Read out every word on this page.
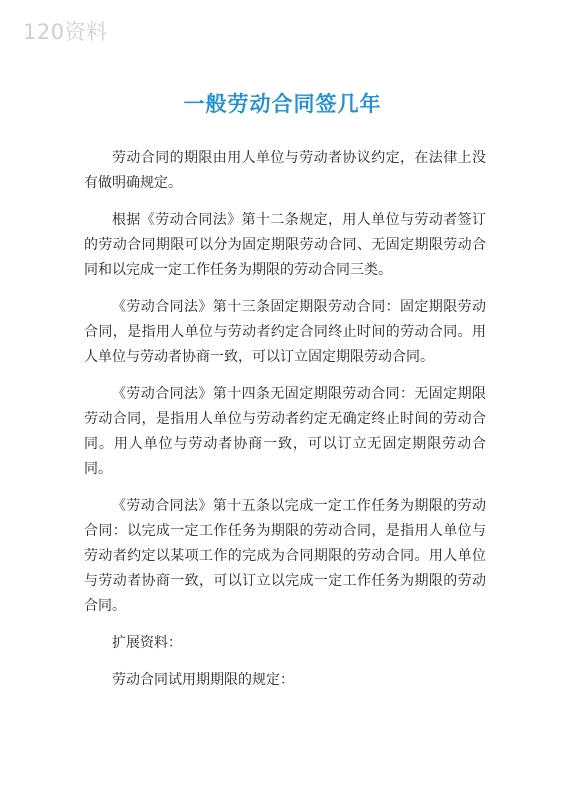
120资料
一般劳动合同签几年

劳动合同的期限由用人单位与劳动者协议约定，在法律上没有做明确规定。

根据《劳动合同法》第十二条规定，用人单位与劳动者签订的劳动合同期限可以分为固定期限劳动合同、无固定期限劳动合同和以完成一定工作任务为期限的劳动合同三类。

《劳动合同法》第十三条固定期限劳动合同：固定期限劳动合同，是指用人单位与劳动者约定合同终止时间的劳动合同。用人单位与劳动者协商一致，可以订立固定期限劳动合同。

《劳动合同法》第十四条无固定期限劳动合同：无固定期限劳动合同，是指用人单位与劳动者约定无确定终止时间的劳动合同。用人单位与劳动者协商一致，可以订立无固定期限劳动合同。

《劳动合同法》第十五条以完成一定工作任务为期限的劳动合同：以完成一定工作任务为期限的劳动合同，是指用人单位与劳动者约定以某项工作的完成为合同期限的劳动合同。用人单位与劳动者协商一致，可以订立以完成一定工作任务为期限的劳动合同。

扩展资料：

劳动合同试用期期限的规定：
